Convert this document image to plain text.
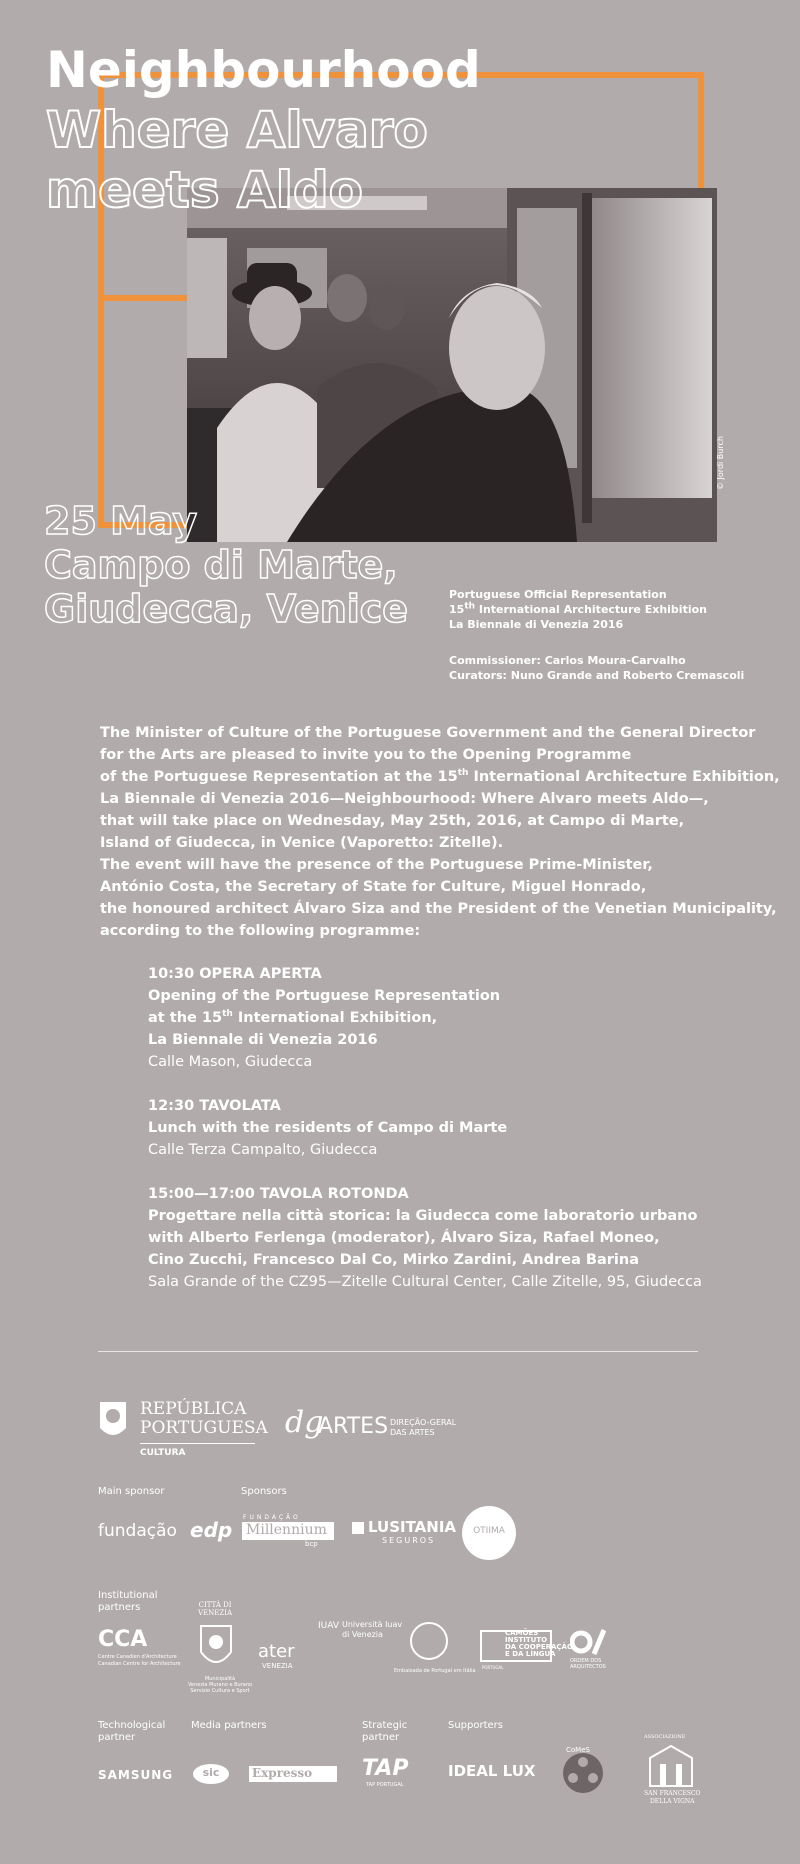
© Jordi Burch
Neighbourhood
Where Alvaro
meets Aldo
25 May
Campo di Marte,
Giudecca, Venice	Portuguese Official Representation
15th International Architecture Exhibition
La Biennale di Venezia 2016
Commissioner: Carlos Moura-Carvalho
Curators: Nuno Grande and Roberto Cremascoli
The Minister of Culture of the Portuguese Government and the General Director
for the Arts are pleased to invite you to the Opening Programme
of the Portuguese Representation at the 15th International Architecture Exhibition,
La Biennale di Venezia 2016—Neighbourhood: Where Alvaro meets Aldo—,
that will take place on Wednesday, May 25th, 2016, at Campo di Marte,
Island of Giudecca, in Venice (Vaporetto: Zitelle).
The event will have the presence of the Portuguese Prime-Minister,
António Costa, the Secretary of State for Culture, Miguel Honrado,
the honoured architect Álvaro Siza and the President of the Venetian Municipality,
according to the following programme:
10:30 OPERA APERTA
Opening of the Portuguese Representation
at the 15th International Exhibition,
La Biennale di Venezia 2016
Calle Mason, Giudecca
12:30 TAVOLATA
Lunch with the residents of Campo di Marte
Calle Terza Campalto, Giudecca
15:00—17:00 TAVOLA ROTONDA
Progettare nella città storica: la Giudecca come laboratorio urbano
with Alberto Ferlenga (moderator), Álvaro Siza, Rafael Moneo,
Cino Zucchi, Francesco Dal Co, Mirko Zardini, Andrea Barina
Sala Grande of the CZ95—Zitelle Cultural Center, Calle Zitelle, 95, Giudecca
REPÚBLICA
PORTUGUESA
CULTURA
dg
ARTES DIREÇÃO-GERAL
DAS ARTES
Main sponsor	Sponsors
fundação edp
FUNDAÇÃO
Millennium
bcp
LUSITANIA
SEGUROS
OTIIMA
Institutional
partners
CCA
Centre Canadien d'Architecture
Canadian Centre for Architecture
CITTÀ DI
VENEZIA
Municipalità
Venezia Murano e Burano
Servizio Cultura e Sport
ater
VENEZIA
IUAV Università Iuav
di Venezia
Embaixada de Portugal em Itália
CAMÕES
INSTITUTO
DA COOPERAÇÃO
E DA LÍNGUA
PORTUGAL
ORDEM DOS
ARQUITECTOS
Technological
partner
Media partners	Strategic
partner
Supporters
SAMSUNG	sic	Expresso TAP
TAP PORTUGAL
IDEAL LUX
CoMeS
ASSOCIAZIONE
SAN FRANCESCO
DELLA VIGNA
